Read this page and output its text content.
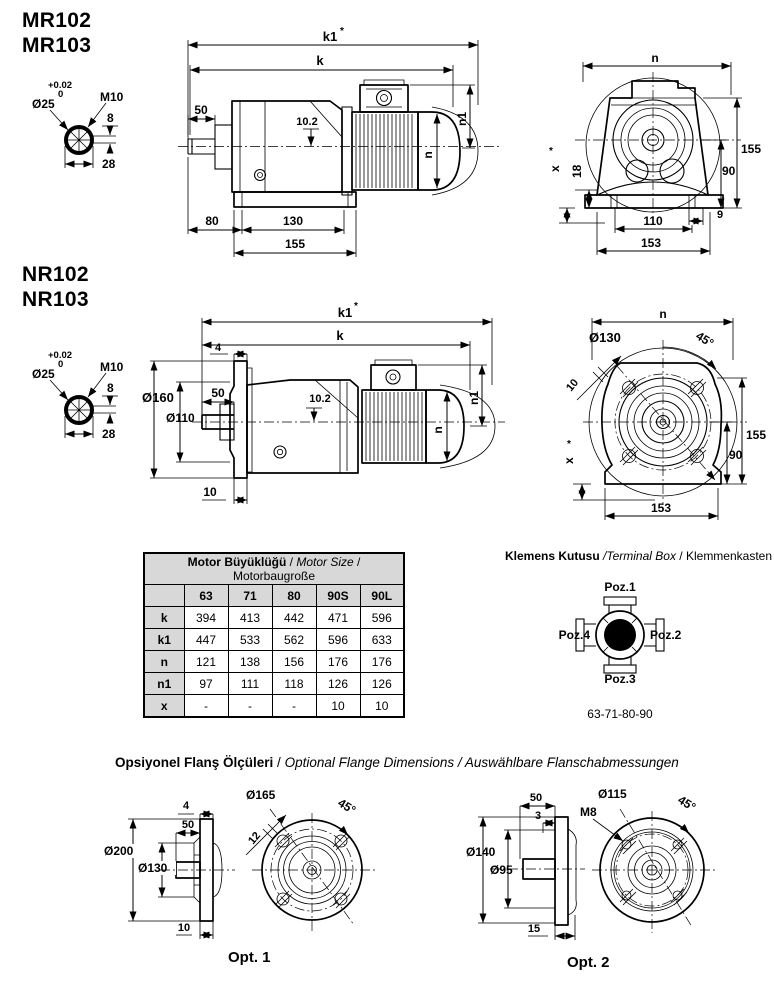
MR102
MR103
+0.02
0
Ø25	M10
8
28
k1 *
k
50
n
n1
10.2
80	130
155
n
155
90
18
x
*
9
110
153
NR102
NR103
+0.02
0
Ø25	M10
8
28
k1 *
k
4
Ø160
Ø110
50
n
n1
10.2
10
n
Ø130	45°
10
x
*
155
90
153
Motor Büyüklüğü / Motor Size / Motorbaugroße					
	63	71	80	90S	90L
k	394	413	442	471	596
k1	447	533	562	596	633
n	121	138	156	176	176
n1	97	111	118	126	126
x	-	-	-	10	10
Klemens Kutusu /Terminal Box / Klemmenkasten
Poz.1
Poz.2
Poz.3
Poz.4
63-71-80-90
Opsiyonel Flanş Ölçüleri / Optional Flange Dimensions / Auswählbare Flanschabmessungen
Ø200
4
50
Ø130
10
Ø165
45°
12
Opt. 1
50
3
Ø140
Ø95
15
Ø115
M8	45°
Opt. 2
